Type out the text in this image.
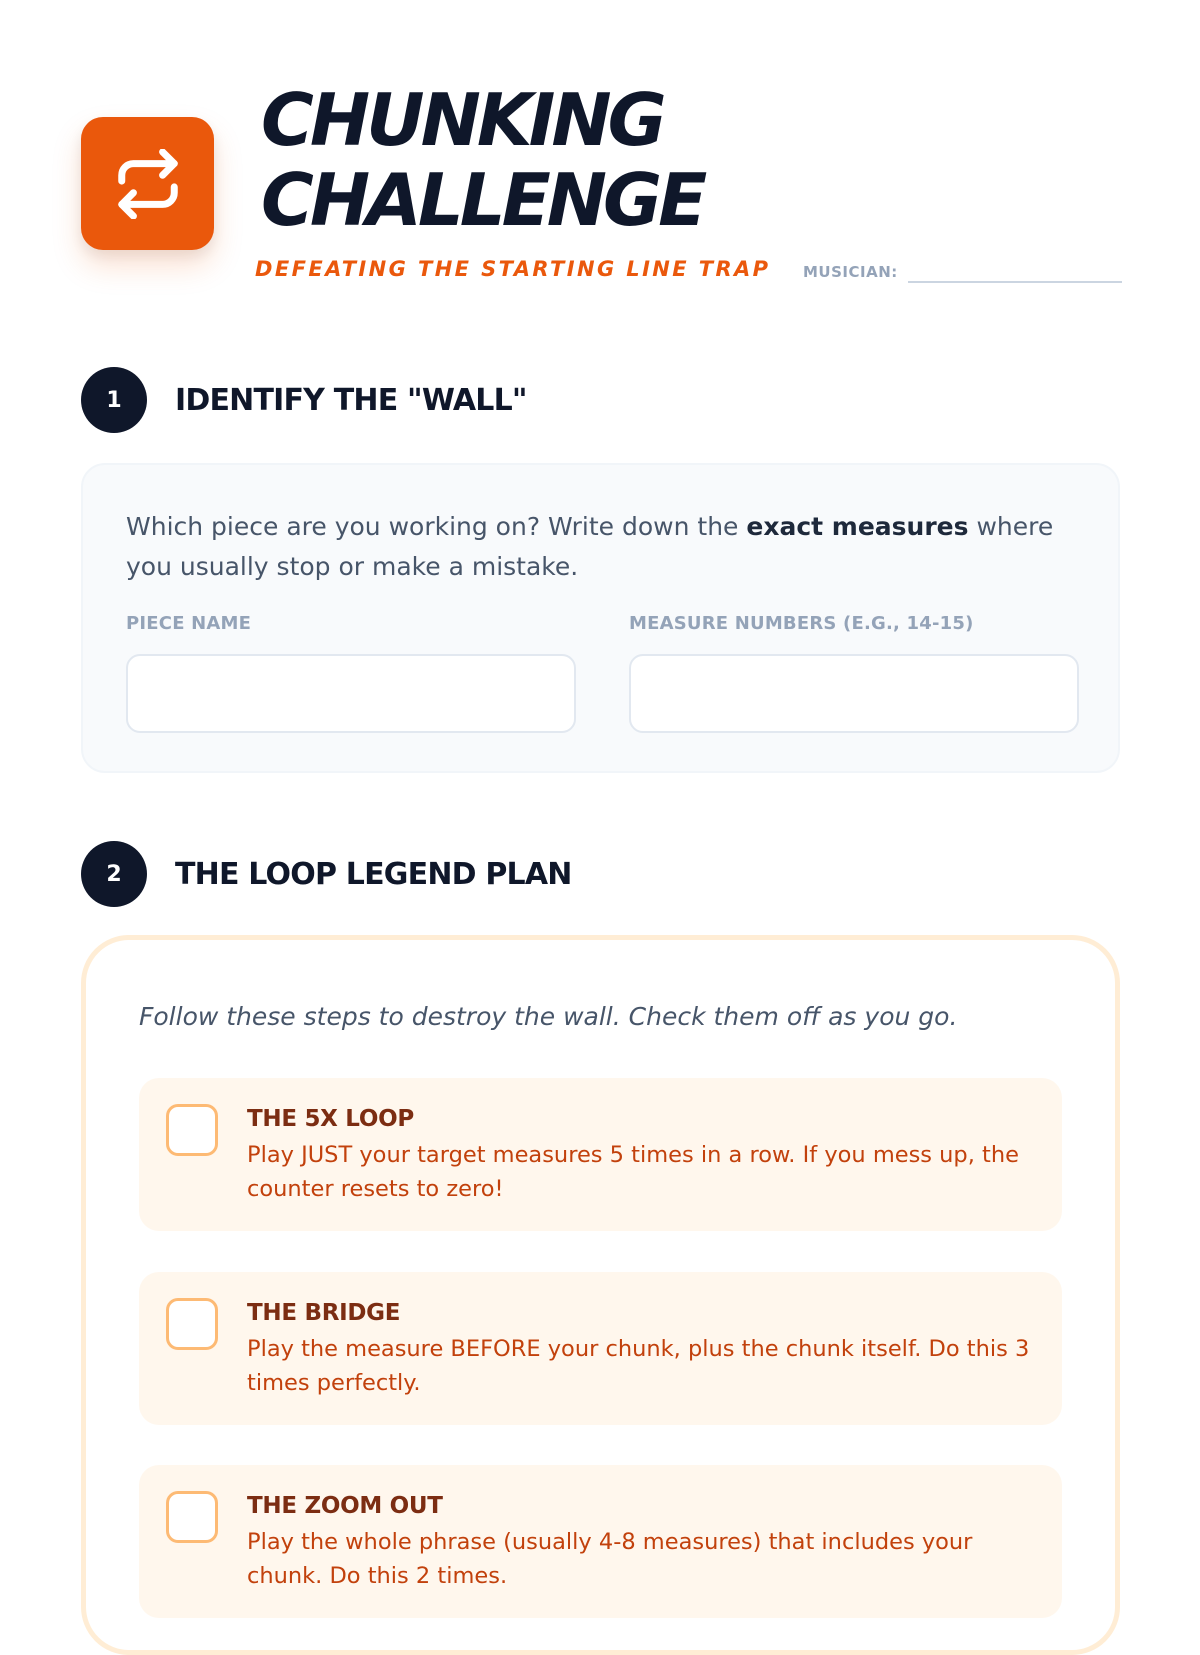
CHUNKING
CHALLENGE
DEFEATING THE STARTING LINE TRAP MUSICIAN:
1	IDENTIFY THE "WALL"

Which piece are you working on? Write down the exact measures where you usually stop or make a mistake.

PIECE NAME	MEASURE NUMBERS (E.G., 14-15)
2	THE LOOP LEGEND PLAN

Follow these steps to destroy the wall. Check them off as you go.

THE 5X LOOP

Play JUST your target measures 5 times in a row. If you mess up, the counter resets to zero!

THE BRIDGE

Play the measure BEFORE your chunk, plus the chunk itself. Do this 3 times perfectly.

THE ZOOM OUT

Play the whole phrase (usually 4-8 measures) that includes your chunk. Do this 2 times.
